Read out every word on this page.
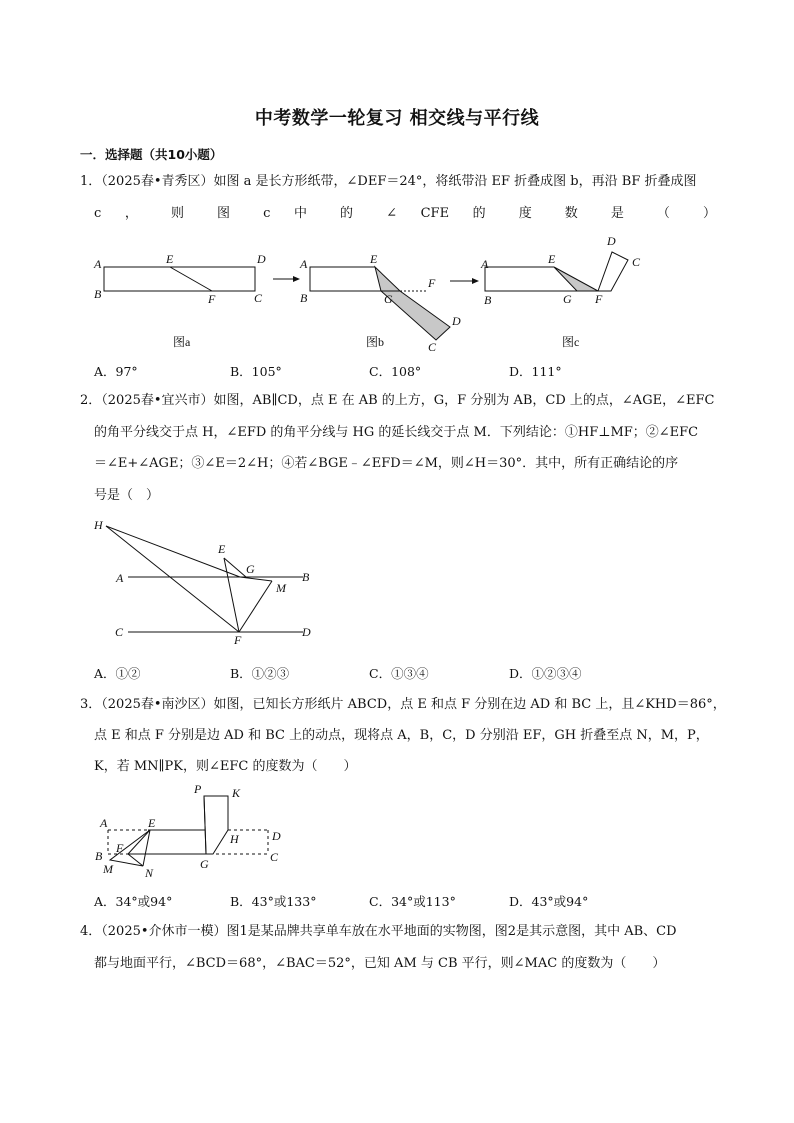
中考数学一轮复习 相交线与平行线
一．选择题（共10小题）
1．（2025春•青秀区）如图 a 是长方形纸带，∠DEF＝24°，将纸带沿 EF 折叠成图 b，再沿 BF 折叠成图
c ， 则 图 c 中 的 ∠ CFE 的 度 数 是 （ ）
A
B
E
F
D
C
图a
A
B
E
G
F
D
C
图b
A
B
E
G F
D
C
图c
A．97°	B．105°	C．108°	D．111°
2．（2025春•宜兴市）如图，AB∥CD，点 E 在 AB 的上方，G，F 分别为 AB，CD 上的点，∠AGE，∠EFC
的角平分线交于点 H，∠EFD 的角平分线与 HG 的延长线交于点 M．下列结论：①HF⊥MF；②∠EFC
＝∠E+∠AGE；③∠E＝2∠H；④若∠BGE﹣∠EFD＝∠M，则∠H＝30°．其中，所有正确结论的序
号是（　）
H
E
G
A	B
M
C
F
D
A．①②	B．①②③	C．①③④	D．①②③④
3．（2025春•南沙区）如图，已知长方形纸片 ABCD，点 E 和点 F 分别在边 AD 和 BC 上，且∠KHD＝86°，
点 E 和点 F 分别是边 AD 和 BC 上的动点，现将点 A，B，C，D 分别沿 EF，GH 折叠至点 N，M，P，
K，若 MN∥PK，则∠EFC 的度数为（　　）
P	K
A	E
D
B
F
H
C
M	N
G
A．34°或94°	B．43°或133°	C．34°或113°	D．43°或94°
4．（2025•介休市一模）图1是某品牌共享单车放在水平地面的实物图，图2是其示意图，其中 AB、CD
都与地面平行，∠BCD＝68°，∠BAC＝52°，已知 AM 与 CB 平行，则∠MAC 的度数为（　　）
